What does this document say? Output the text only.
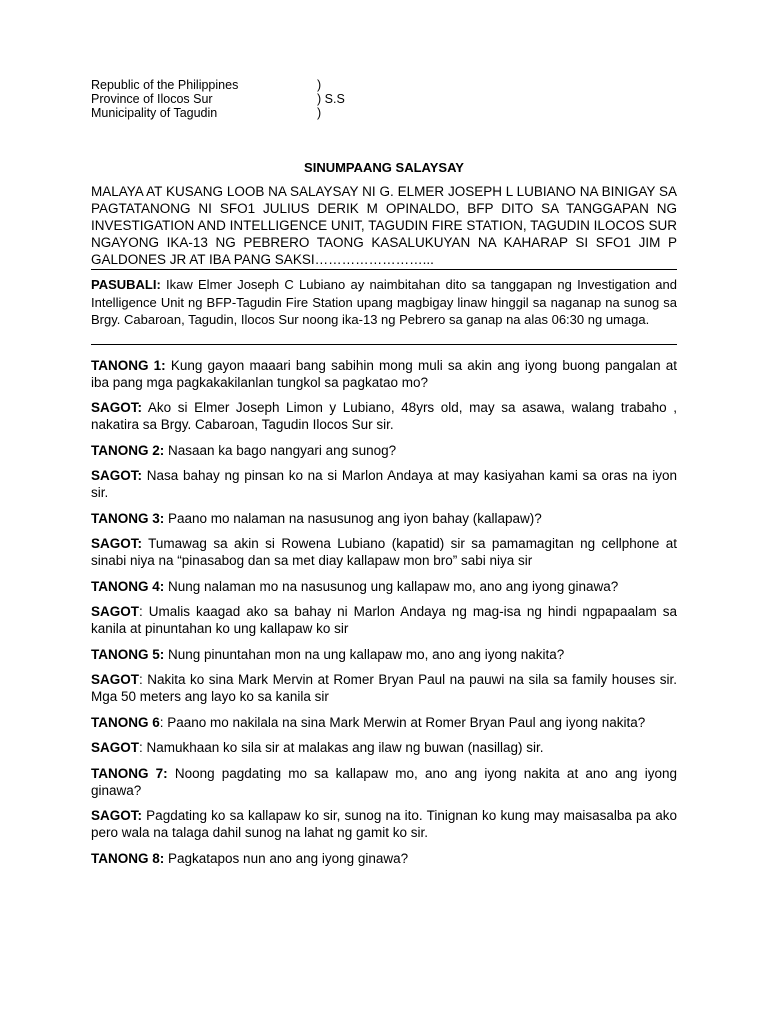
Republic of the Philippines	)
Province of Ilocos Sur	) S.S
Municipality of Tagudin	)
SINUMPAANG SALAYSAY
MALAYA AT KUSANG LOOB NA SALAYSAY NI G. ELMER JOSEPH L LUBIANO NA BINIGAY SA PAGTATANONG NI SFO1 JULIUS DERIK M OPINALDO, BFP DITO SA TANGGAPAN NG INVESTIGATION AND INTELLIGENCE UNIT, TAGUDIN FIRE STATION, TAGUDIN ILOCOS SUR NGAYONG IKA-13 NG PEBRERO TAONG KASALUKUYAN NA KAHARAP SI SFO1 JIM P GALDONES JR AT IBA PANG SAKSI……………………...
PASUBALI: Ikaw Elmer Joseph C Lubiano ay naimbitahan dito sa tanggapan ng Investigation and Intelligence Unit ng BFP-Tagudin Fire Station upang magbigay linaw hinggil sa naganap na sunog sa Brgy. Cabaroan, Tagudin, Ilocos Sur noong ika-13 ng Pebrero sa ganap na alas 06:30 ng umaga.
TANONG 1: Kung gayon maaari bang sabihin mong muli sa akin ang iyong buong pangalan at iba pang mga pagkakakilanlan tungkol sa pagkatao mo?
SAGOT: Ako si Elmer Joseph Limon y Lubiano, 48yrs old, may sa asawa, walang trabaho , nakatira sa Brgy. Cabaroan, Tagudin Ilocos Sur sir.
TANONG 2: Nasaan ka bago nangyari ang sunog?
SAGOT: Nasa bahay ng pinsan ko na si Marlon Andaya at may kasiyahan kami sa oras na iyon sir.
TANONG 3: Paano mo nalaman na nasusunog ang iyon bahay (kallapaw)?
SAGOT: Tumawag sa akin si Rowena Lubiano (kapatid) sir sa pamamagitan ng cellphone at sinabi niya na “pinasabog dan sa met diay kallapaw mon bro” sabi niya sir
TANONG 4: Nung nalaman mo na nasusunog ung kallapaw mo, ano ang iyong ginawa?
SAGOT: Umalis kaagad ako sa bahay ni Marlon Andaya ng mag-isa ng hindi ngpapaalam sa kanila at pinuntahan ko ung kallapaw ko sir
TANONG 5: Nung pinuntahan mon na ung kallapaw mo, ano ang iyong nakita?
SAGOT: Nakita ko sina Mark Mervin at Romer Bryan Paul na pauwi na sila sa family houses sir. Mga 50 meters ang layo ko sa kanila sir
TANONG 6: Paano mo nakilala na sina Mark Merwin at Romer Bryan Paul ang iyong nakita?
SAGOT: Namukhaan ko sila sir at malakas ang ilaw ng buwan (nasillag) sir.
TANONG 7: Noong pagdating mo sa kallapaw mo, ano ang iyong nakita at ano ang iyong ginawa?
SAGOT: Pagdating ko sa kallapaw ko sir, sunog na ito. Tinignan ko kung may maisasalba pa ako pero wala na talaga dahil sunog na lahat ng gamit ko sir.
TANONG 8: Pagkatapos nun ano ang iyong ginawa?
